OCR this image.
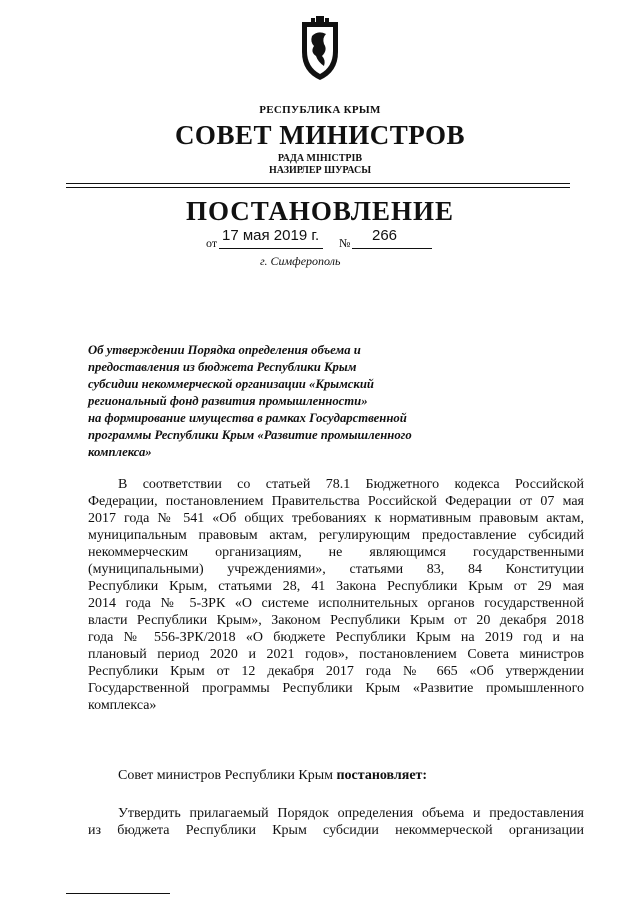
РЕСПУБЛИКА КРЫМ
СОВЕТ МИНИСТРОВ
РАДА МІНІСТРІВ
НАЗИРЛЕР ШУРАСЫ
ПОСТАНОВЛЕНИЕ
от 17 мая 2019 г. № 266
г. Симферополь
Об утверждении Порядка определения объема и
предоставления из бюджета Республики Крым
субсидии некоммерческой организации «Крымский
региональный фонд развития промышленности»
на формирование имущества в рамках Государственной
программы Республики Крым «Развитие промышленного
комплекса»
В соответствии со статьей 78.1 Бюджетного кодекса Российской
Федерации, постановлением Правительства Российской Федерации от 07 мая
2017 года № 541 «Об общих требованиях к нормативным правовым актам,
муниципальным правовым актам, регулирующим предоставление субсидий
некоммерческим организациям, не являющимся государственными
(муниципальными) учреждениями», статьями 83, 84 Конституции
Республики Крым, статьями 28, 41 Закона Республики Крым от 29 мая
2014 года № 5-ЗРК «О системе исполнительных органов государственной
власти Республики Крым», Законом Республики Крым от 20 декабря 2018
года № 556-ЗРК/2018 «О бюджете Республики Крым на 2019 год и на
плановый период 2020 и 2021 годов», постановлением Совета министров
Республики Крым от 12 декабря 2017 года № 665 «Об утверждении
Государственной программы Республики Крым «Развитие промышленного
комплекса»
Совет министров Республики Крым постановляет:
Утвердить прилагаемый Порядок определения объема и предоставления
из бюджета Республики Крым субсидии некоммерческой организации
